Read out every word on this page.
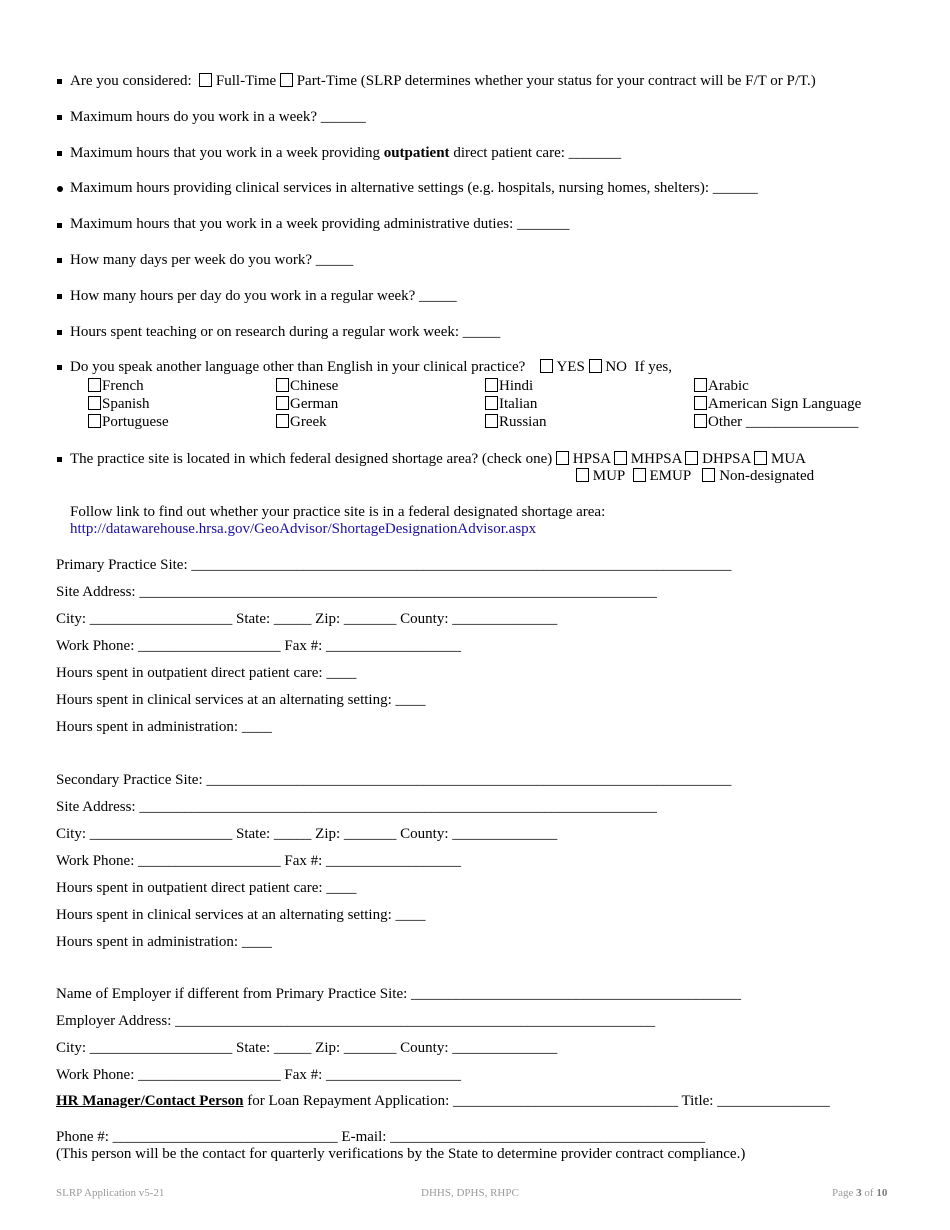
Are you considered: Full-Time Part-Time (SLRP determines whether your status for your contract will be F/T or P/T.)
Maximum hours do you work in a week? ______
Maximum hours that you work in a week providing outpatient direct patient care: _______
Maximum hours providing clinical services in alternative settings (e.g. hospitals, nursing homes, shelters): ______
Maximum hours that you work in a week providing administrative duties: _______
How many days per week do you work? _____
How many hours per day do you work in a regular week? _____
Hours spent teaching or on research during a regular work week: _____
Do you speak another language other than English in your clinical practice? YES NO If yes,
French	Chinese	Hindi	Arabic
Spanish	German	Italian	American Sign Language
Portuguese	Greek	Russian	Other _______________
The practice site is located in which federal designed shortage area? (check one) HPSA MHPSA DHPSA MUA
MUP EMUP Non-designated
Follow link to find out whether your practice site is in a federal designated shortage area:
http://datawarehouse.hrsa.gov/GeoAdvisor/ShortageDesignationAdvisor.aspx
Primary Practice Site: ________________________________________________________________________
Site Address: _____________________________________________________________________
City: ___________________ State: _____ Zip: _______ County: ______________
Work Phone: ___________________ Fax #: __________________
Hours spent in outpatient direct patient care: ____
Hours spent in clinical services at an alternating setting: ____
Hours spent in administration: ____
Secondary Practice Site: ______________________________________________________________________
Site Address: _____________________________________________________________________
City: ___________________ State: _____ Zip: _______ County: ______________
Work Phone: ___________________ Fax #: __________________
Hours spent in outpatient direct patient care: ____
Hours spent in clinical services at an alternating setting: ____
Hours spent in administration: ____
Name of Employer if different from Primary Practice Site: ____________________________________________
Employer Address: ________________________________________________________________
City: ___________________ State: _____ Zip: _______ County: ______________
Work Phone: ___________________ Fax #: __________________
HR Manager/Contact Person for Loan Repayment Application: ______________________________ Title: _______________
Phone #: ______________________________ E-mail: __________________________________________
(This person will be the contact for quarterly verifications by the State to determine provider contract compliance.)
SLRP Application v5-21	DHHS, DPHS, RHPC	Page 3 of 10
